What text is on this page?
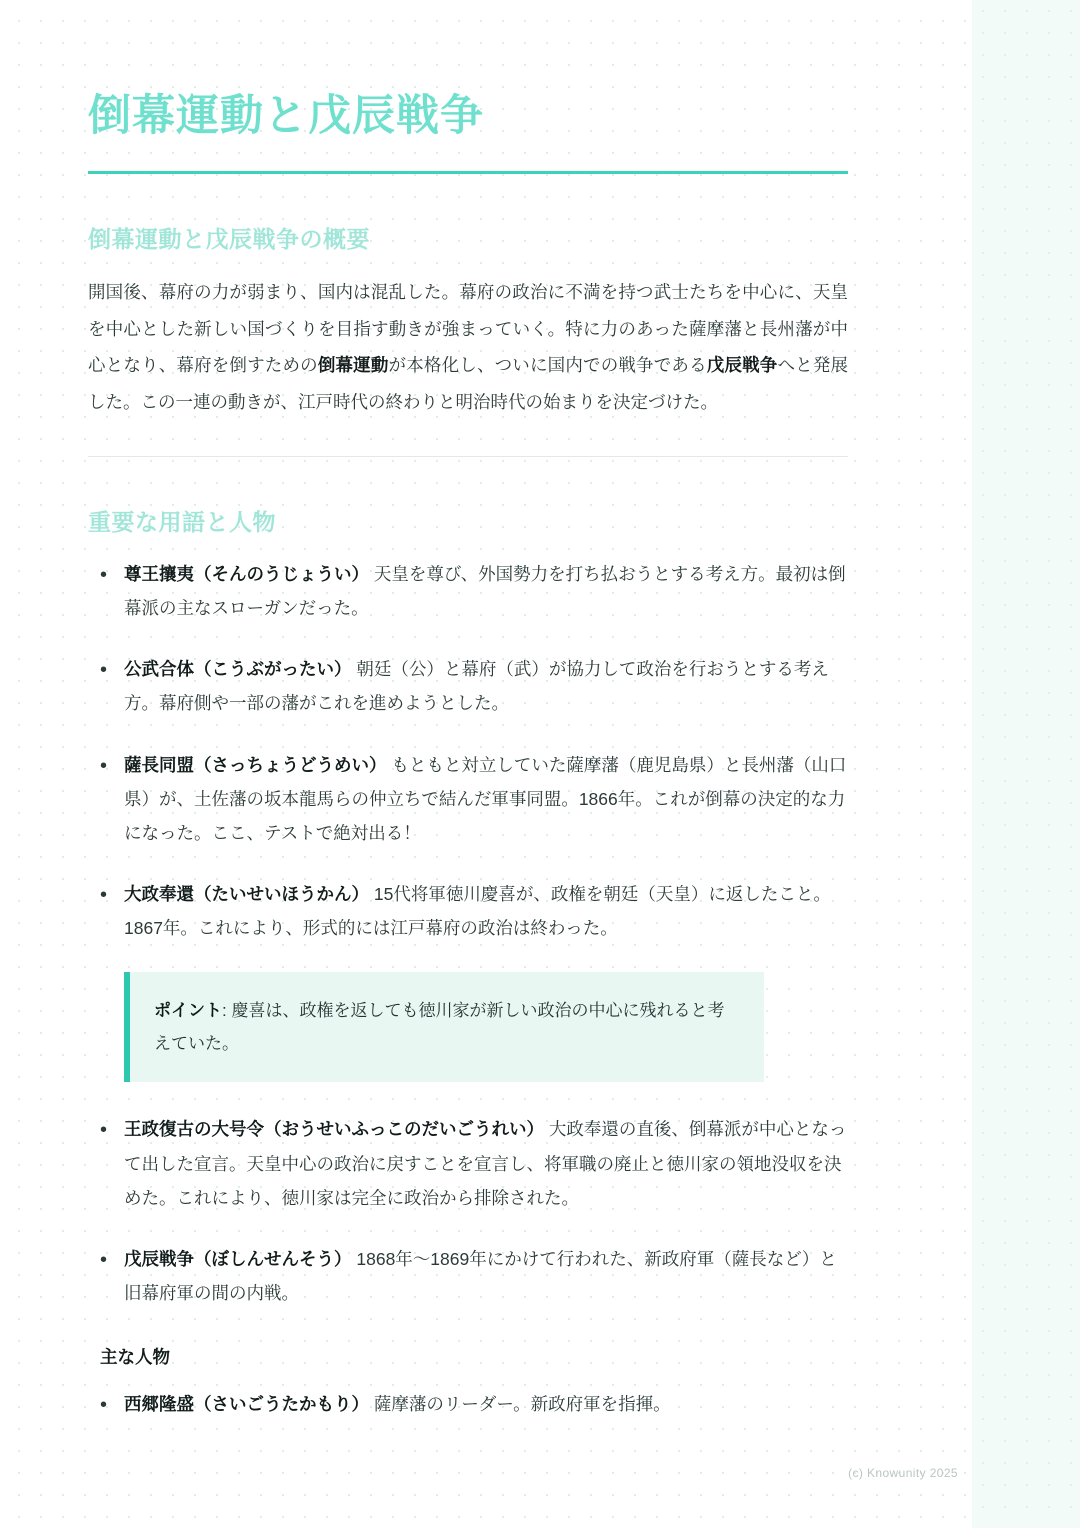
倒幕運動と戊辰戦争
倒幕運動と戊辰戦争の概要

開国後、幕府の力が弱まり、国内は混乱した。幕府の政治に不満を持つ武士たちを中心に、天皇を中心とした新しい国づくりを目指す動きが強まっていく。特に力のあった薩摩藩と長州藩が中心となり、幕府を倒すための倒幕運動が本格化し、ついに国内での戦争である戊辰戦争へと発展した。この一連の動きが、江戸時代の終わりと明治時代の始まりを決定づけた。

重要な用語と人物
• 尊王攘夷（そんのうじょうい） 天皇を尊び、外国勢力を打ち払おうとする考え方。最初は倒幕派の主なスローガンだった。
• 公武合体（こうぶがったい） 朝廷（公）と幕府（武）が協力して政治を行おうとする考え方。幕府側や一部の藩がこれを進めようとした。
• 薩長同盟（さっちょうどうめい） もともと対立していた薩摩藩（鹿児島県）と長州藩（山口県）が、土佐藩の坂本龍馬らの仲立ちで結んだ軍事同盟。1866年。これが倒幕の決定的な力になった。ここ、テストで絶対出る！
• 大政奉還（たいせいほうかん） 15代将軍徳川慶喜が、政権を朝廷（天皇）に返したこと。1867年。これにより、形式的には江戸幕府の政治は終わった。
ポイント: 慶喜は、政権を返しても徳川家が新しい政治の中心に残れると考えていた。
• 王政復古の大号令（おうせいふっこのだいごうれい） 大政奉還の直後、倒幕派が中心となって出した宣言。天皇中心の政治に戻すことを宣言し、将軍職の廃止と徳川家の領地没収を決めた。これにより、徳川家は完全に政治から排除された。
• 戊辰戦争（ぼしんせんそう） 1868年〜1869年にかけて行われた、新政府軍（薩長など）と旧幕府軍の間の内戦。
主な人物
• 西郷隆盛（さいごうたかもり） 薩摩藩のリーダー。新政府軍を指揮。
(c) Knowunity 2025
